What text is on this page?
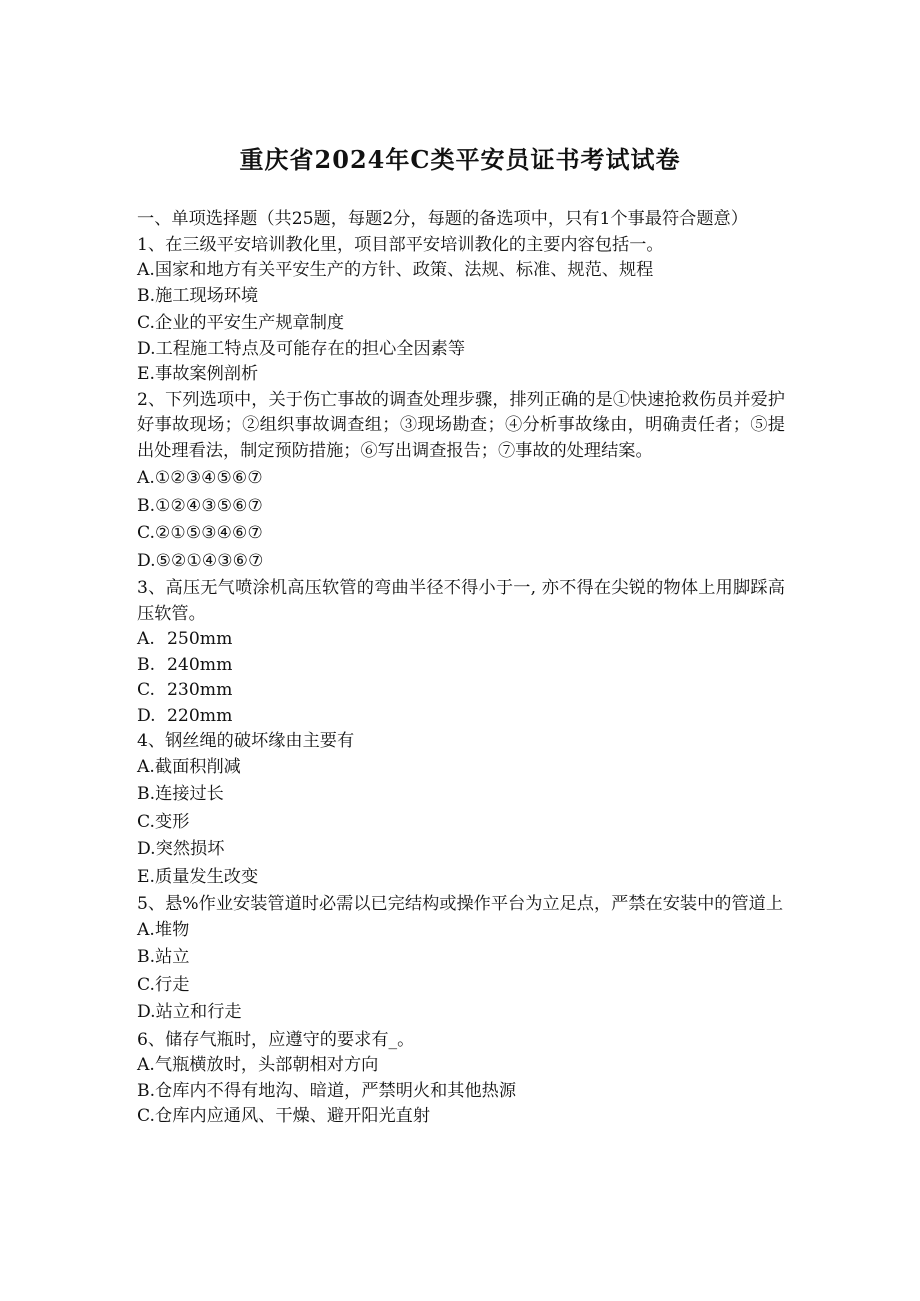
重庆省2024年C类平安员证书考试试卷
一、单项选择题（共25题，每题2分，每题的备选项中，只有1个事最符合题意）
1、在三级平安培训教化里，项目部平安培训教化的主要内容包括一。
A.国家和地方有关平安生产的方针、政策、法规、标准、规范、规程
B.施工现场环境
C.企业的平安生产规章制度
D.工程施工特点及可能存在的担心全因素等
E.事故案例剖析
2、下列选项中，关于伤亡事故的调查处理步骤，排列正确的是①快速抢救伤员并爱护好事故现场；②组织事故调查组；③现场勘查；④分析事故缘由，明确责任者；⑤提出处理看法，制定预防措施；⑥写出调查报告；⑦事故的处理结案。
A.①②③④⑤⑥⑦
B.①②④③⑤⑥⑦
C.②①⑤③④⑥⑦
D.⑤②①④③⑥⑦
3、高压无气喷涂机高压软管的弯曲半径不得小于一, 亦不得在尖锐的物体上用脚踩高压软管。
A. 250mm
B. 240mm
C. 230mm
D. 220mm
4、钢丝绳的破坏缘由主要有
A.截面积削减
B.连接过长
C.变形
D.突然损坏
E.质量发生改变
5、悬%作业安装管道时必需以已完结构或操作平台为立足点，严禁在安装中的管道上
A.堆物
B.站立
C.行走
D.站立和行走
6、储存气瓶时，应遵守的要求有_。
A.气瓶横放时，头部朝相对方向
B.仓库内不得有地沟、暗道，严禁明火和其他热源
C.仓库内应通风、干燥、避开阳光直射
